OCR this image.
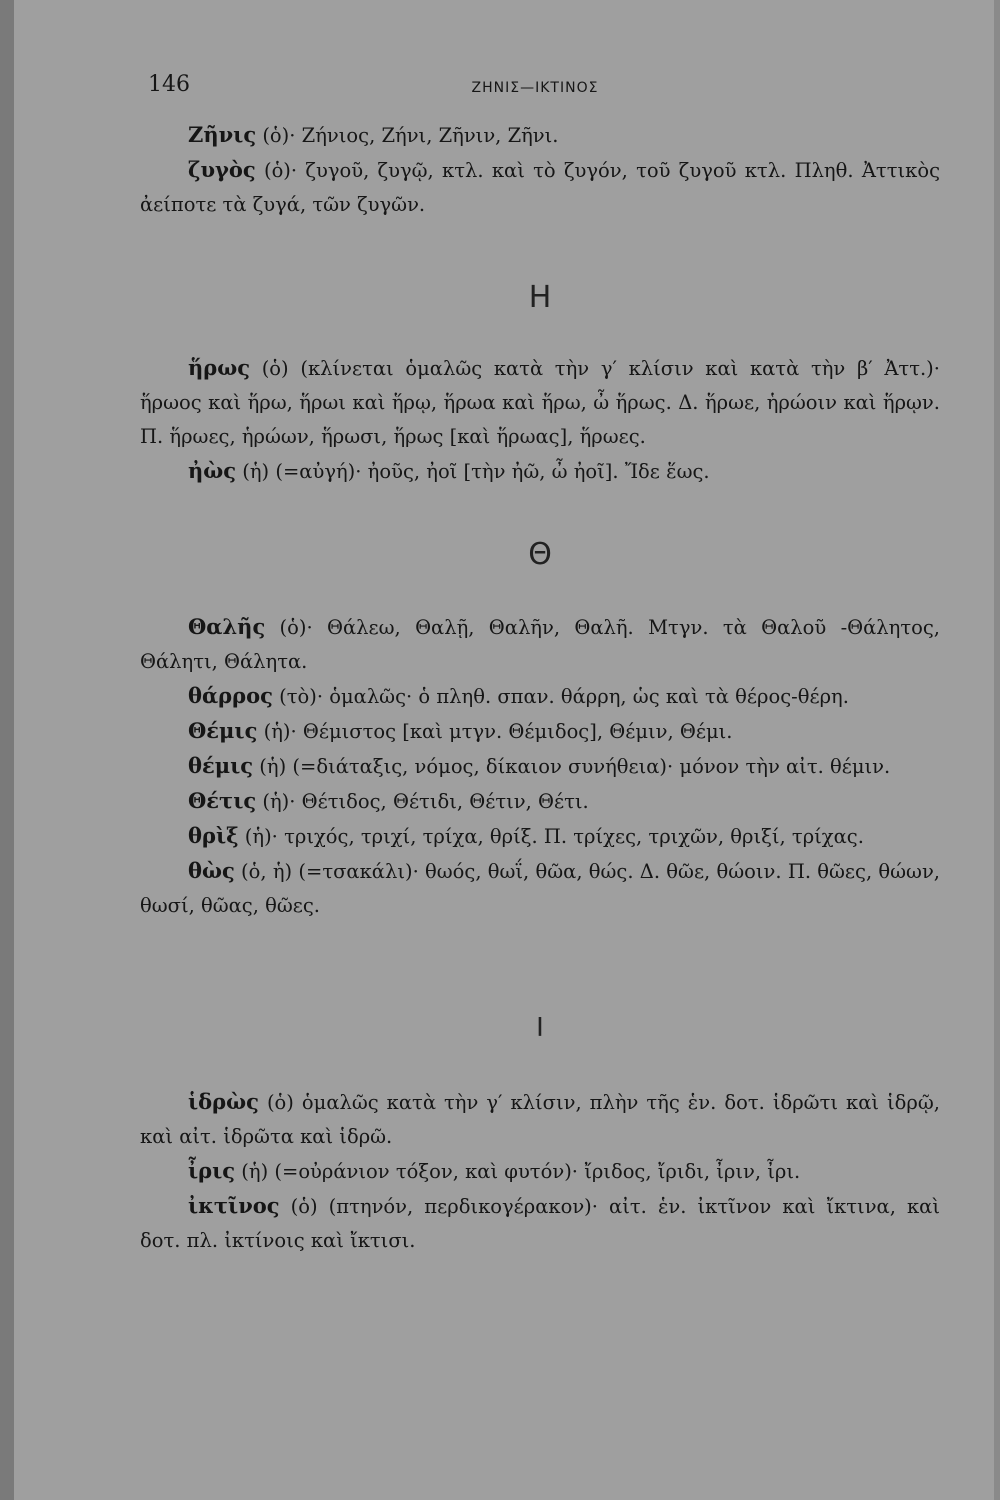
146	ΖΗΝΙΣ—ΙΚΤΙΝΟΣ

Ζῆνις (ὁ)· Ζήνιος, Ζήνι, Ζῆνιν, Ζῆνι.

ζυγὸς (ὁ)· ζυγοῦ, ζυγῷ, κτλ. καὶ τὸ ζυγόν, τοῦ ζυγοῦ κτλ. Πληθ. Ἀττικὸς ἀείποτε τὰ ζυγά, τῶν ζυγῶν.

Η

ἥρως (ὁ) (κλίνεται ὁμαλῶς κατὰ τὴν γ′ κλίσιν καὶ κατὰ τὴν β′ Ἀττ.)· ἥρωος καὶ ἥρω, ἥρωι καὶ ἥρῳ, ἥρωα καὶ ἥρω, ὦ ἥρως. Δ. ἥρωε, ἡρώοιν καὶ ἥρῳν. Π. ἥρωες, ἡρώων, ἥρωσι, ἥρως [καὶ ἥρωας], ἥρωες.

ἠὼς (ἡ) (=αὐγή)· ἠοῦς, ἠοῖ [τὴν ἠῶ, ὦ ἠοῖ]. Ἴδε ἕως.

Θ

Θαλῆς (ὁ)· Θάλεω, Θαλῇ, Θαλῆν, Θαλῆ. Μτγν. τὰ Θαλοῦ -Θάλητος, Θάλητι, Θάλητα.

θάρρος (τὸ)· ὁμαλῶς· ὁ πληθ. σπαν. θάρρη, ὡς καὶ τὰ θέρος-θέρη.

Θέμις (ἡ)· Θέμιστος [καὶ μτγν. Θέμιδος], Θέμιν, Θέμι.

θέμις (ἡ) (=διάταξις, νόμος, δίκαιον συνήθεια)· μόνον τὴν αἰτ. θέμιν.

Θέτις (ἡ)· Θέτιδος, Θέτιδι, Θέτιν, Θέτι.

θρὶξ (ἡ)· τριχός, τριχί, τρίχα, θρίξ. Π. τρίχες, τριχῶν, θριξί, τρίχας.

θὼς (ὁ, ἡ) (=τσακάλι)· θωός, θωΐ, θῶα, θώς. Δ. θῶε, θώοιν. Π. θῶες, θώων, θωσί, θῶας, θῶες.

Ι

ἱδρὼς (ὁ) ὁμαλῶς κατὰ τὴν γ′ κλίσιν, πλὴν τῆς ἑν. δοτ. ἱδρῶτι καὶ ἱδρῷ, καὶ αἰτ. ἱδρῶτα καὶ ἱδρῶ.

ἶρις (ἡ) (=οὐράνιον τόξον, καὶ φυτόν)· ἴριδος, ἴριδι, ἶριν, ἶρι.

ἰκτῖνος (ὁ) (πτηνόν, περδικογέρακον)· αἰτ. ἑν. ἰκτῖνον καὶ ἴκτινα, καὶ δοτ. πλ. ἰκτίνοις καὶ ἴκτισι.
